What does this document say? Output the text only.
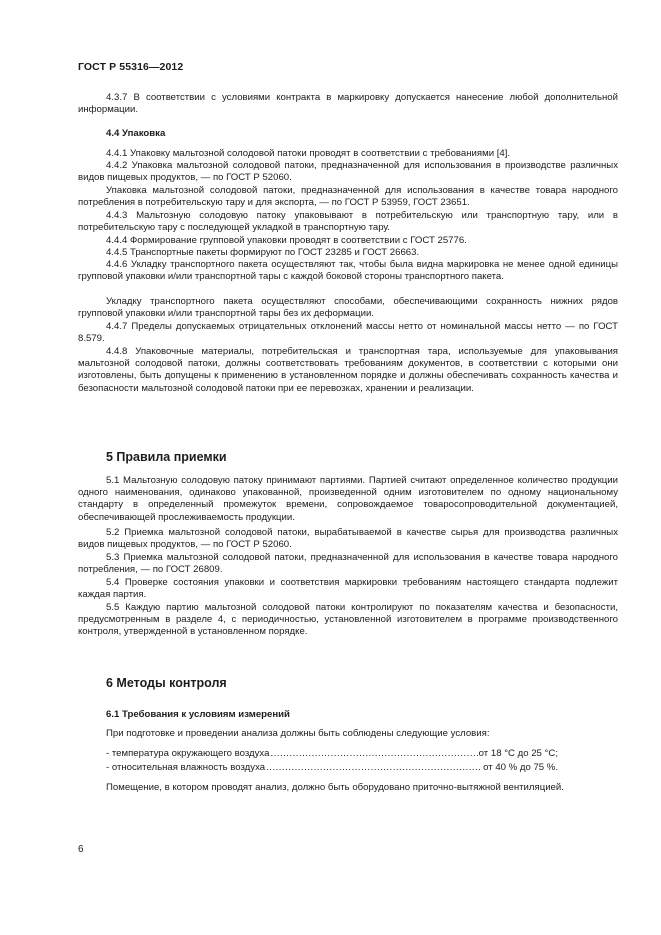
ГОСТ Р 55316—2012
4.3.7 В соответствии с условиями контракта в маркировку допускается нанесение любой дополнительной информации.
4.4 Упаковка
4.4.1 Упаковку мальтозной солодовой патоки проводят в соответствии с требованиями [4].
4.4.2 Упаковка мальтозной солодовой патоки, предназначенной для использования в производстве различных видов пищевых продуктов, — по ГОСТ Р 52060.
Упаковка мальтозной солодовой патоки, предназначенной для использования в качестве товара народного потребления в потребительскую тару и для экспорта, — по ГОСТ Р 53959, ГОСТ 23651.
4.4.3 Мальтозную солодовую патоку упаковывают в потребительскую или транспортную тару, или в потребительскую тару с последующей укладкой в транспортную тару.
4.4.4 Формирование групповой упаковки проводят в соответствии с ГОСТ 25776.
4.4.5 Транспортные пакеты формируют по ГОСТ 23285 и ГОСТ 26663.
4.4.6 Укладку транспортного пакета осуществляют так, чтобы была видна маркировка не менее одной единицы групповой упаковки и/или транспортной тары с каждой боковой стороны транспортного пакета.
Укладку транспортного пакета осуществляют способами, обеспечивающими сохранность нижних рядов групповой упаковки и/или транспортной тары без их деформации.
4.4.7 Пределы допускаемых отрицательных отклонений массы нетто от номинальной массы нетто — по ГОСТ 8.579.
4.4.8 Упаковочные материалы, потребительская и транспортная тара, используемые для упаковывания мальтозной солодовой патоки, должны соответствовать требованиям документов, в соответствии с которыми они изготовлены, быть допущены к применению в установленном порядке и должны обеспечивать сохранность качества и безопасности мальтозной солодовой патоки при ее перевозках, хранении и реализации.
5 Правила приемки
5.1 Мальтозную солодовую патоку принимают партиями. Партией считают определенное количество продукции одного наименования, одинаково упакованной, произведенной одним изготовителем по одному национальному стандарту в определенный промежуток времени, сопровождаемое товаросопроводительной документацией, обеспечивающей прослеживаемость продукции.
5.2 Приемка мальтозной солодовой патоки, вырабатываемой в качестве сырья для производства различных видов пищевых продуктов, — по ГОСТ Р 52060.
5.3 Приемка мальтозной солодовой патоки, предназначенной для использования в качестве товара народного потребления, — по ГОСТ 26809.
5.4 Проверке состояния упаковки и соответствия маркировки требованиям настоящего стандарта подлежит каждая партия.
5.5 Каждую партию мальтозной солодовой патоки контролируют по показателям качества и безопасности, предусмотренным в разделе 4, с периодичностью, установленной изготовителем в программе производственного контроля, утвержденной в установленном порядке.
6 Методы контроля
6.1 Требования к условиям измерений
При подготовке и проведении анализа должны быть соблюдены следующие условия:
- температура окружающего воздуха .....	от 18 °С до 25 °С;
- относительная влажность воздуха .....	от 40 % до 75 %.
Помещение, в котором проводят анализ, должно быть оборудовано приточно-вытяжной вентиляцией.
6
